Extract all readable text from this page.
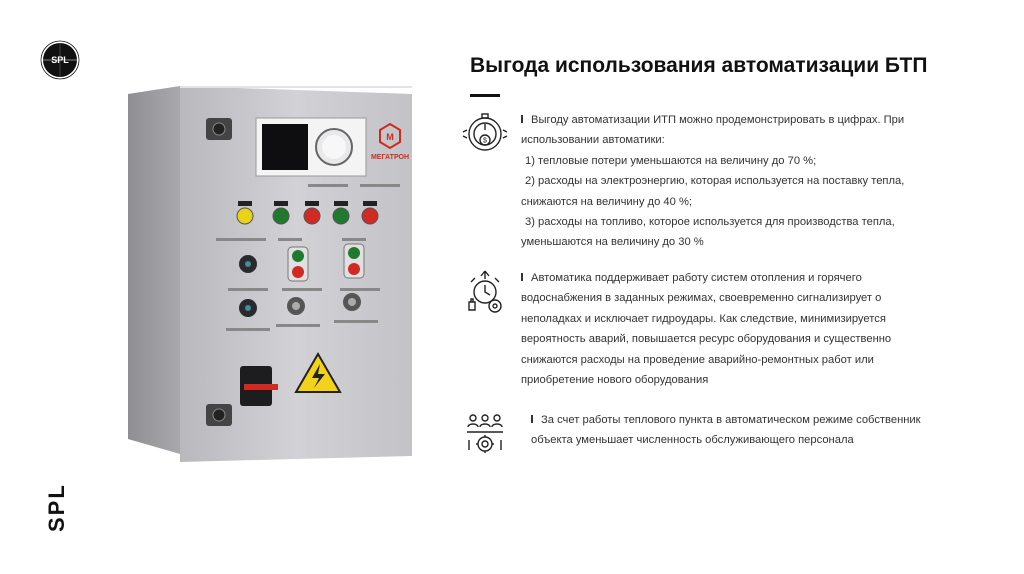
SPL
SPL
M
МЕГАТРОН
Выгода использования автоматизации БТП
$
Выгоду автоматизации ИТП можно продемонстрировать в цифрах. При
использовании автоматики:
1) тепловые потери уменьшаются на величину до 70 %;
2) расходы на электроэнергию, которая используется на поставку тепла,
снижаются на величину до 40 %;
3) расходы на топливо, которое используется для производства тепла,
уменьшаются на величину до 30 %
Автоматика поддерживает работу систем отопления и горячего
водоснабжения в заданных режимах, своевременно сигнализирует о
неполадках и исключает гидроудары. Как следствие, минимизируется
вероятность аварий, повышается ресурс оборудования и существенно
снижаются расходы на проведение аварийно-ремонтных работ или
приобретение нового оборудования
За счет работы теплового пункта в автоматическом режиме собственник
объекта уменьшает численность обслуживающего персонала
